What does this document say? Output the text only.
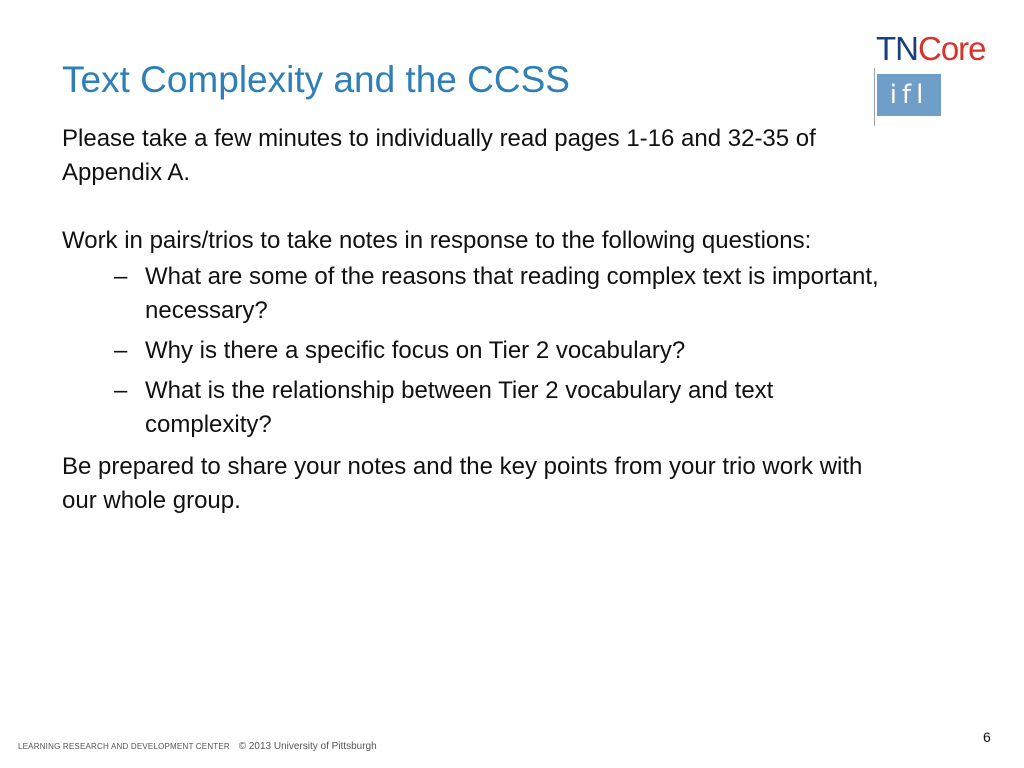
Text Complexity and the CCSS
TNCore
ifl

Please take a few minutes to individually read pages 1-16 and 32-35 of Appendix A.

Work in pairs/trios to take notes in response to the following questions:

– What are some of the reasons that reading complex text is important, necessary?
– Why is there a specific focus on Tier 2 vocabulary?
– What is the relationship between Tier 2 vocabulary and text complexity?

Be prepared to share your notes and the key points from your trio work with our whole group.

LEARNING RESEARCH AND DEVELOPMENT CENTER © 2013 University of Pittsburgh
6
